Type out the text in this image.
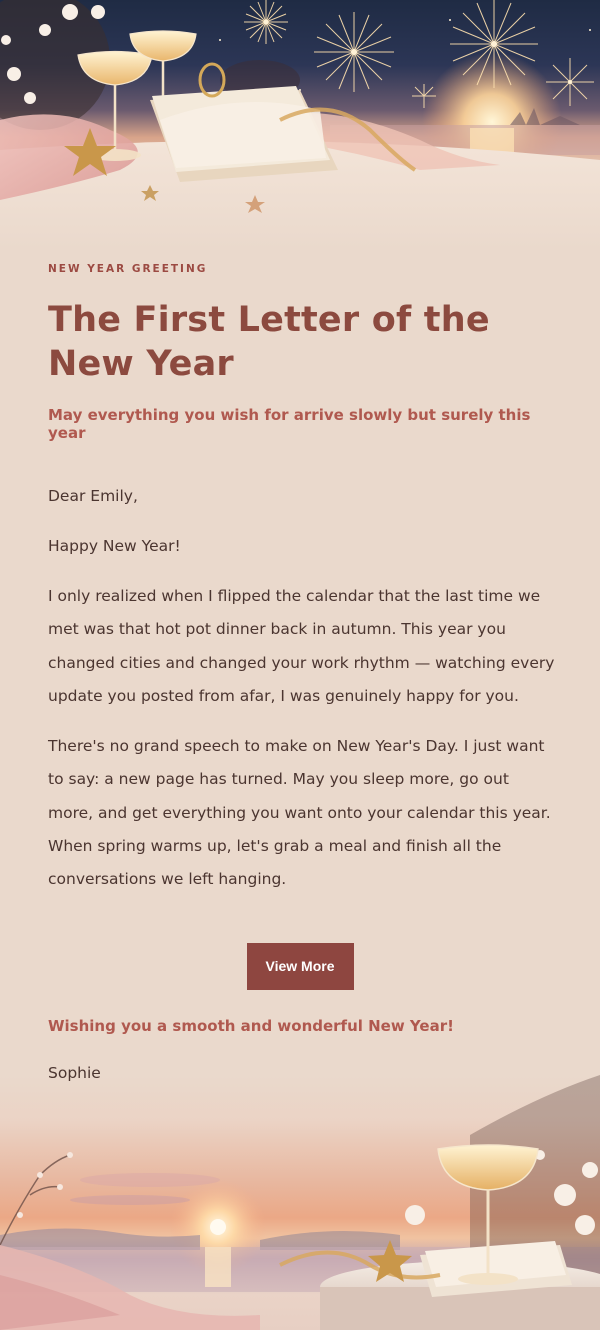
NEW YEAR GREETING
The First Letter of the New Year
May everything you wish for arrive slowly but surely this year

Dear Emily,

Happy New Year!

I only realized when I flipped the calendar that the last time we met was that hot pot dinner back in autumn. This year you changed cities and changed your work rhythm — watching every update you posted from afar, I was genuinely happy for you.

There's no grand speech to make on New Year's Day. I just want to say: a new page has turned. May you sleep more, go out more, and get everything you want onto your calendar this year. When spring warms up, let's grab a meal and finish all the conversations we left hanging.

View More
Wishing you a smooth and wonderful New Year!
Sophie
